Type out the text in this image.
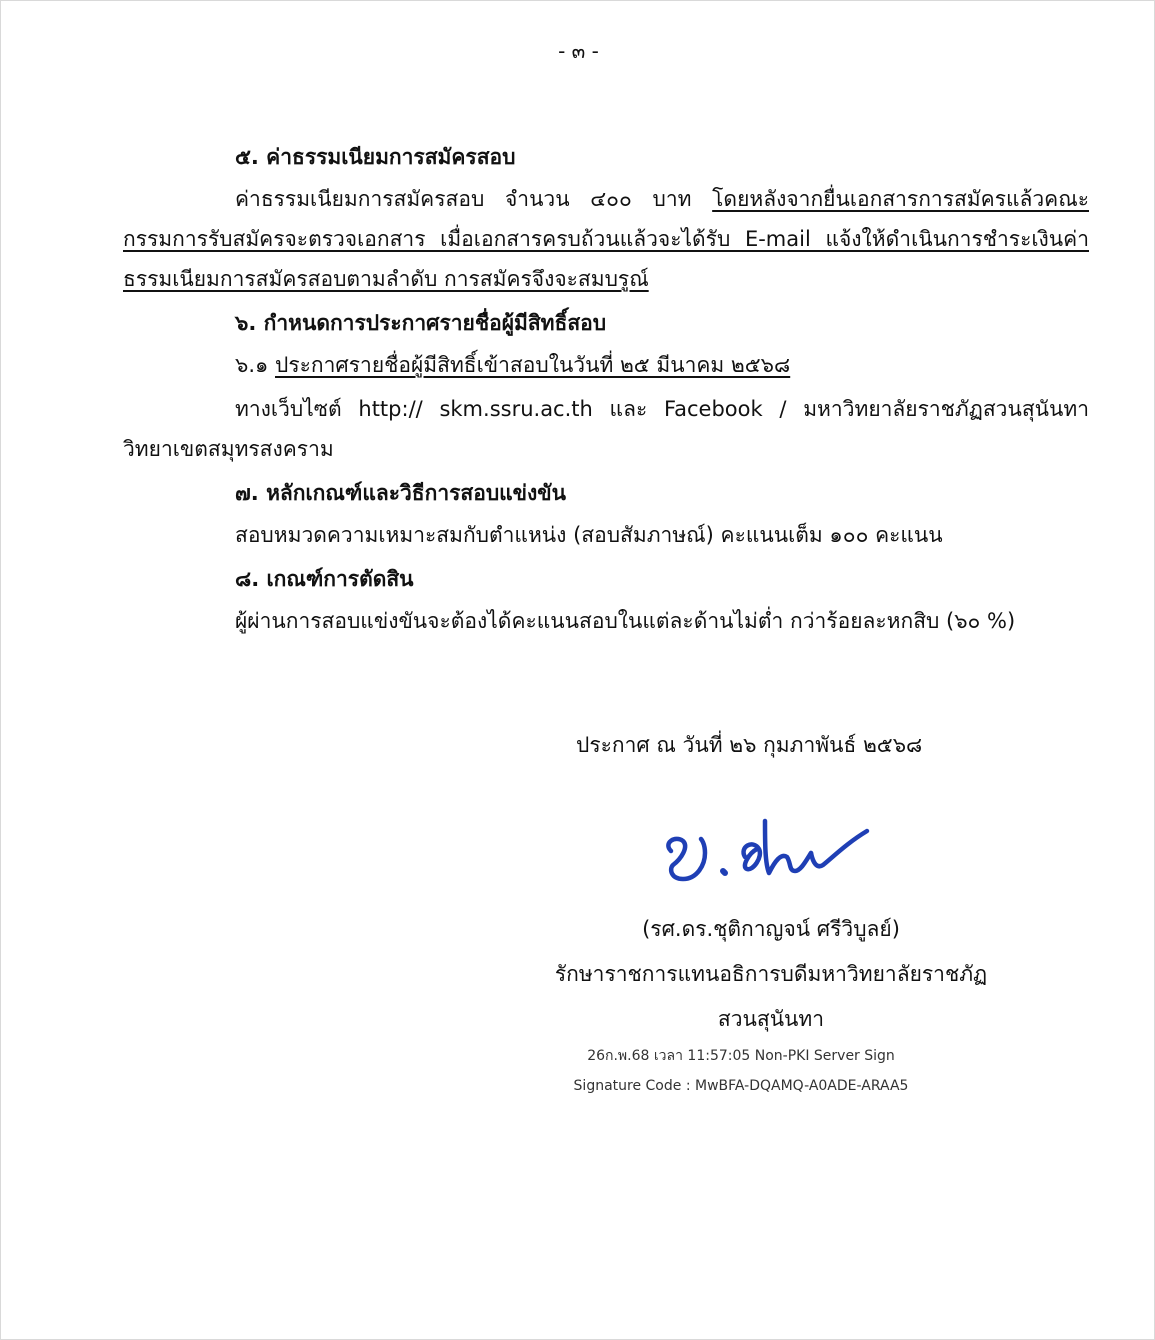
- ๓ -
๕. ค่าธรรมเนียมการสมัครสอบ

ค่าธรรมเนียมการสมัครสอบ จำนวน ๔๐๐ บาท โดยหลังจากยื่นเอกสารการสมัครแล้วคณะกรรมการรับสมัครจะตรวจเอกสาร เมื่อเอกสารครบถ้วนแล้วจะได้รับ E-mail แจ้งให้ดำเนินการชำระเงินค่าธรรมเนียมการสมัครสอบตามลำดับ การสมัครจึงจะสมบรูณ์

๖. กำหนดการประกาศรายชื่อผู้มีสิทธิ์สอบ
๖.๑ ประกาศรายชื่อผู้มีสิทธิ์เข้าสอบในวันที่ ๒๕ มีนาคม ๒๕๖๘

ทางเว็บไซต์ http:// skm.ssru.ac.th และ Facebook / มหาวิทยาลัยราชภัฏสวนสุนันทาวิทยาเขตสมุทรสงคราม

๗. หลักเกณฑ์และวิธีการสอบแข่งขัน
สอบหมวดความเหมาะสมกับตำแหน่ง (สอบสัมภาษณ์) คะแนนเต็ม ๑๐๐ คะแนน
๘. เกณฑ์การตัดสิน
ผู้ผ่านการสอบแข่งขันจะต้องได้คะแนนสอบในแต่ละด้านไม่ต่ำ กว่าร้อยละหกสิบ (๖๐ %)
ประกาศ ณ วันที่ ๒๖ กุมภาพันธ์ ๒๕๖๘
(รศ.ดร.ชุติกาญจน์ ศรีวิบูลย์)
รักษาราชการแทนอธิการบดีมหาวิทยาลัยราชภัฏ
สวนสุนันทา
26ก.พ.68 เวลา 11:57:05 Non-PKI Server Sign
Signature Code : MwBFA-DQAMQ-A0ADE-ARAA5
